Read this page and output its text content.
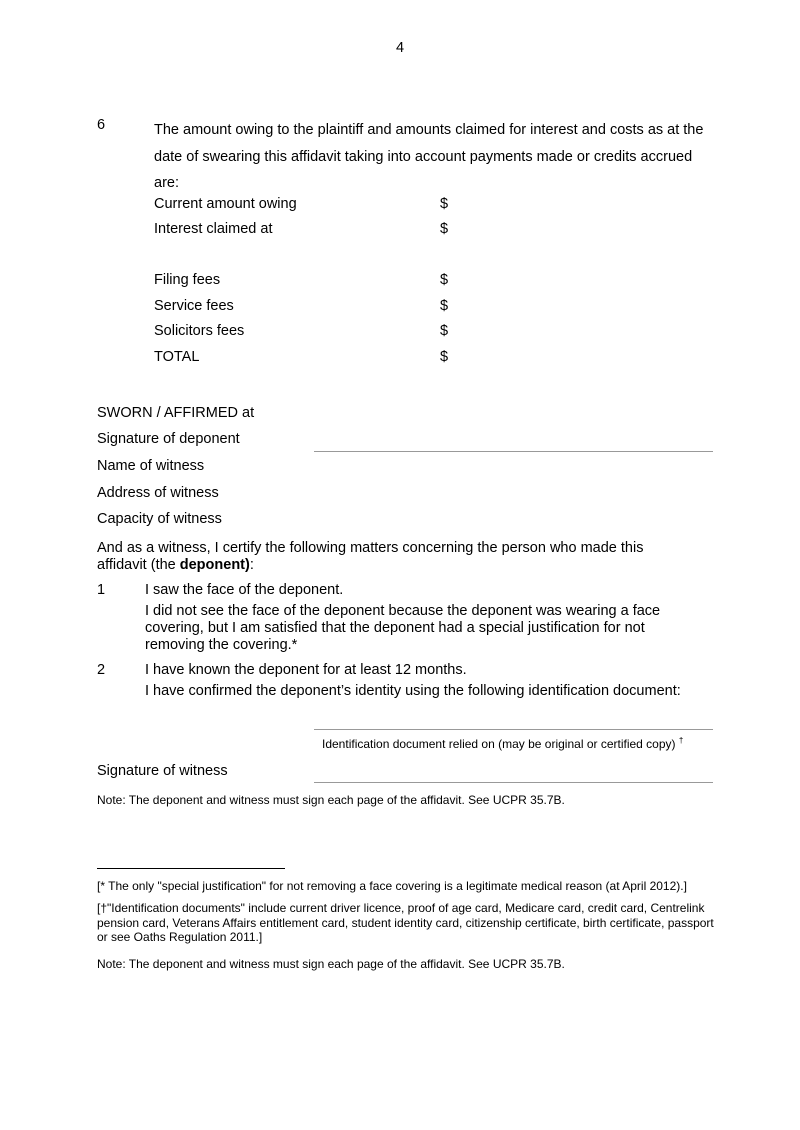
4
6	The amount owing to the plaintiff and amounts claimed for interest and costs as at the date of swearing this affidavit taking into account payments made or credits accrued are:
Current amount owing	$
Interest claimed at	$
Filing fees	$
Service fees	$
Solicitors fees	$
TOTAL	$
SWORN / AFFIRMED at
Signature of deponent
Name of witness
Address of witness
Capacity of witness
And as a witness, I certify the following matters concerning the person who made this affidavit (the deponent):
1	I saw the face of the deponent.
I did not see the face of the deponent because the deponent was wearing a face covering, but I am satisfied that the deponent had a special justification for not removing the covering.*
2	I have known the deponent for at least 12 months.
I have confirmed the deponent’s identity using the following identification document:
Identification document relied on (may be original or certified copy) †
Signature of witness
Note: The deponent and witness must sign each page of the affidavit. See UCPR 35.7B.
[* The only "special justification" for not removing a face covering is a legitimate medical reason (at April 2012).]
[†"Identification documents" include current driver licence, proof of age card, Medicare card, credit card, Centrelink pension card, Veterans Affairs entitlement card, student identity card, citizenship certificate, birth certificate, passport or see Oaths Regulation 2011.]
Note: The deponent and witness must sign each page of the affidavit. See UCPR 35.7B.
